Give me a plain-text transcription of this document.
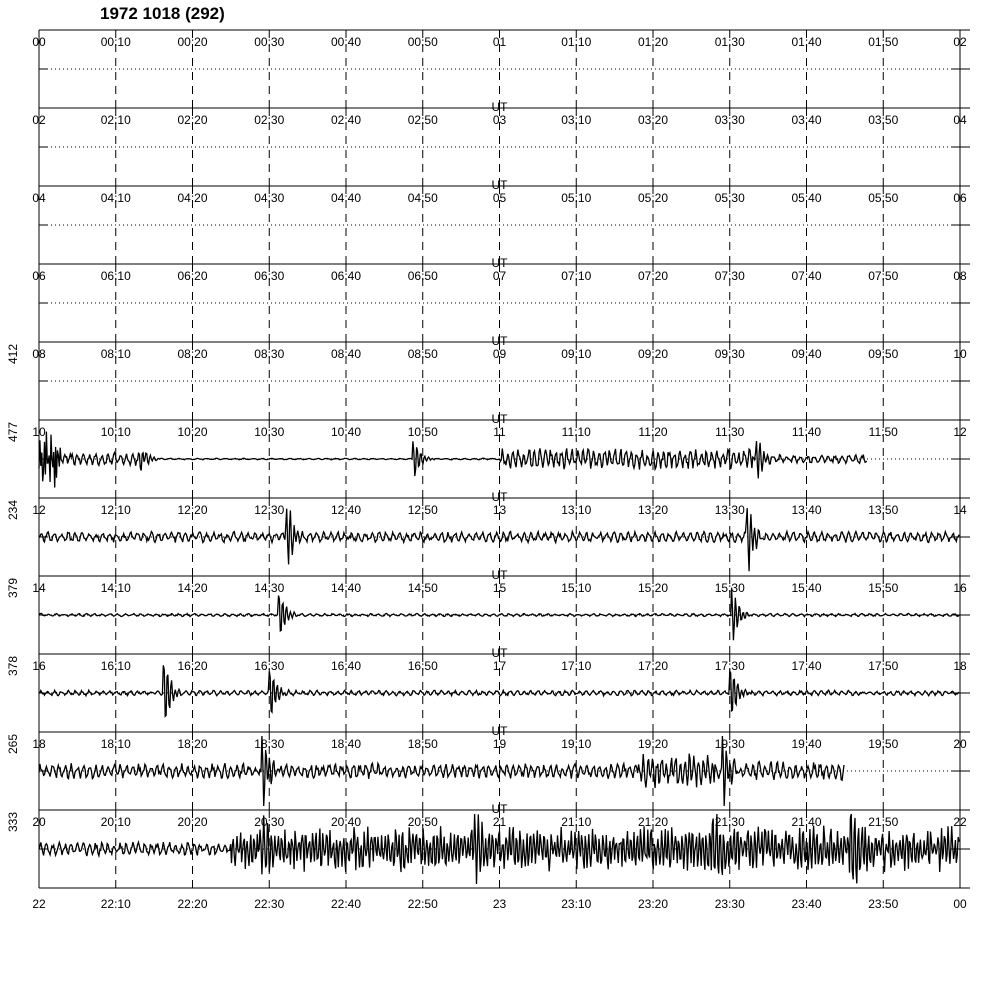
1972 1018 (292)
00	00:10	00:20	00:30	00:40	00:50	01	01:10	01:20	01:30	01:40	01:50	02
02	02:10	02:20	02:30	02:40	02:50	03	03:10	03:20	03:30	03:40	03:50	04
UT
04	04:10	04:20	04:30	04:40	04:50	05	05:10	05:20	05:30	05:40	05:50	06
UT
06	06:10	06:20	06:30	06:40	06:50	07	07:10	07:20	07:30	07:40	07:50	08
UT
08	08:10	08:20	08:30	08:40	08:50	09	09:10	09:20	09:30	09:40	09:50	10
UT
412
10	10:10	10:20	10:30	10:40	10:50	11	11:10	11:20	11:30	11:40	11:50	12
UT
477
12	12:10	12:20	12:30	12:40	12:50	13	13:10	13:20	13:30	13:40	13:50	14
UT
234
14	14:10	14:20	14:30	14:40	14:50	15	15:10	15:20	15:30	15:40	15:50	16
UT
379
16	16:10	16:20	16:30	16:40	16:50	17	17:10	17:20	17:30	17:40	17:50	18
UT
378
18	18:10	18:20	18:30	18:40	18:50	19	19:10	19:20	19:30	19:40	19:50	20
UT
265
20	20:10	20:20	20:30	20:40	20:50	21	21:10	21:20	21:30	21:40	21:50	22
UT
333
22	22:10	22:20	22:30	22:40	22:50	23	23:10	23:20	23:30	23:40	23:50	00
